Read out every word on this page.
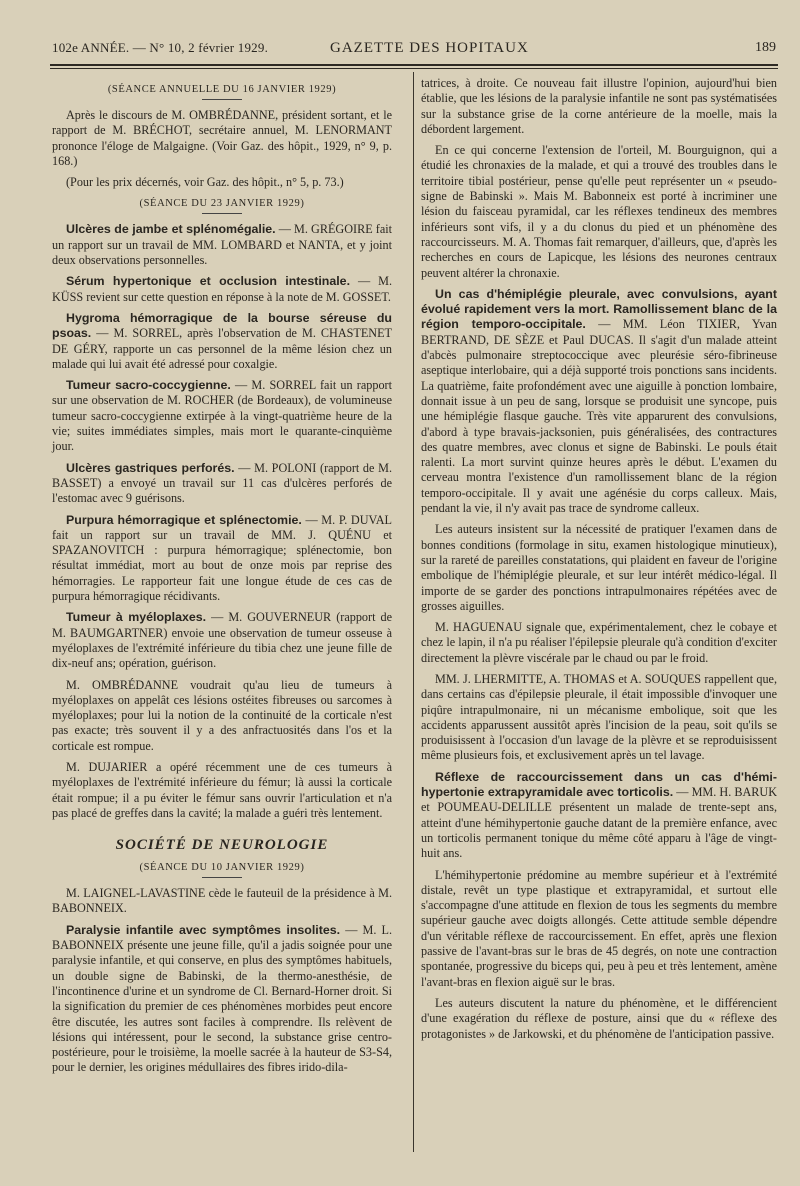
102e ANNÉE. — N° 10, 2 février 1929.	GAZETTE DES HOPITAUX	189
(SÉANCE ANNUELLE DU 16 JANVIER 1929)

Après le discours de M. OMBRÉDANNE, président sortant, et le rapport de M. BRÉCHOT, secrétaire annuel, M. LENORMANT prononce l'éloge de Malgaigne. (Voir Gaz. des hôpit., 1929, n° 9, p. 168.)

(Pour les prix décernés, voir Gaz. des hôpit., n° 5, p. 73.)

(SÉANCE DU 23 JANVIER 1929)

Ulcères de jambe et splénomégalie. — M. GRÉGOIRE fait un rapport sur un travail de MM. LOMBARD et NANTA, et y joint deux observations personnelles.

Sérum hypertonique et occlusion intestinale. — M. KÜSS revient sur cette question en réponse à la note de M. GOSSET.

Hygroma hémorragique de la bourse séreuse du psoas. — M. SORREL, après l'observation de M. CHASTENET DE GÉRY, rapporte un cas personnel de la même lésion chez un malade qui lui avait été adressé pour coxalgie.

Tumeur sacro-coccygienne. — M. SORREL fait un rapport sur une observation de M. ROCHER (de Bordeaux), de volumineuse tumeur sacro-coccygienne extirpée à la vingt-quatrième heure de la vie; suites immédiates simples, mais mort le quarante-cinquième jour.

Ulcères gastriques perforés. — M. POLONI (rapport de M. BASSET) a envoyé un travail sur 11 cas d'ulcères perforés de l'estomac avec 9 guérisons.

Purpura hémorragique et splénectomie. — M. P. DUVAL fait un rapport sur un travail de MM. J. QUÉNU et SPAZANOVITCH : purpura hémorragique; splénectomie, bon résultat immédiat, mort au bout de onze mois par reprise des hémorragies. Le rapporteur fait une longue étude de ces cas de purpura hémorragique récidivants.

Tumeur à myéloplaxes. — M. GOUVERNEUR (rapport de M. BAUMGARTNER) envoie une observation de tumeur osseuse à myéloplaxes de l'extrémité inférieure du tibia chez une jeune fille de dix-neuf ans; opération, guérison.

M. OMBRÉDANNE voudrait qu'au lieu de tumeurs à myéloplaxes on appelât ces lésions ostéites fibreuses ou sarcomes à myéloplaxes; pour lui la notion de la continuité de la corticale n'est pas exacte; très souvent il y a des anfractuosités dans l'os et la corticale est rompue.

M. DUJARIER a opéré récemment une de ces tumeurs à myéloplaxes de l'extrémité inférieure du fémur; là aussi la corticale était rompue; il a pu éviter le fémur sans ouvrir l'articulation et n'a pas placé de greffes dans la cavité; la malade a guéri très lentement.

SOCIÉTÉ DE NEUROLOGIE
(SÉANCE DU 10 JANVIER 1929)

M. LAIGNEL-LAVASTINE cède le fauteuil de la présidence à M. BABONNEIX.

Paralysie infantile avec symptômes insolites. — M. L. BABONNEIX présente une jeune fille, qu'il a jadis soignée pour une paralysie infantile, et qui conserve, en plus des symptômes habituels, un double signe de Babinski, de la thermo-anesthésie, de l'incontinence d'urine et un syndrome de Cl. Bernard-Horner droit. Si la signification du premier de ces phénomènes morbides peut encore être discutée, les autres sont faciles à comprendre. Ils relèvent de lésions qui intéressent, pour le second, la substance grise centro-postérieure, pour le troisième, la moelle sacrée à la hauteur de S3-S4, pour le dernier, les origines médullaires des fibres irido-dila-

tatrices, à droite. Ce nouveau fait illustre l'opinion, aujourd'hui bien établie, que les lésions de la paralysie infantile ne sont pas systématisées sur la substance grise de la corne antérieure de la moelle, mais la débordent largement.

En ce qui concerne l'extension de l'orteil, M. Bourguignon, qui a étudié les chronaxies de la malade, et qui a trouvé des troubles dans le territoire tibial postérieur, pense qu'elle peut représenter un « pseudo-signe de Babinski ». Mais M. Babonneix est porté à incriminer une lésion du faisceau pyramidal, car les réflexes tendineux des membres inférieurs sont vifs, il y a du clonus du pied et un phénomène des raccourcisseurs. M. A. Thomas fait remarquer, d'ailleurs, que, d'après les recherches en cours de Lapicque, les lésions des neurones centraux peuvent altérer la chronaxie.

Un cas d'hémiplégie pleurale, avec convulsions, ayant évolué rapidement vers la mort. Ramollissement blanc de la région temporo-occipitale. — MM. Léon TIXIER, Yvan BERTRAND, DE SÈZE et Paul DUCAS. Il s'agit d'un malade atteint d'abcès pulmonaire streptococcique avec pleurésie séro-fibrineuse aseptique interlobaire, qui a déjà supporté trois ponctions sans incidents. La quatrième, faite profondément avec une aiguille à ponction lombaire, donnait issue à un peu de sang, lorsque se produisit une syncope, puis une hémiplégie flasque gauche. Très vite apparurent des convulsions, d'abord à type bravais-jacksonien, puis généralisées, des contractures des quatre membres, avec clonus et signe de Babinski. Le pouls était ralenti. La mort survint quinze heures après le début. L'examen du cerveau montra l'existence d'un ramollissement blanc de la région temporo-occipitale. Il y avait une agénésie du corps calleux. Mais, pendant la vie, il n'y avait pas trace de syndrome calleux.

Les auteurs insistent sur la nécessité de pratiquer l'examen dans de bonnes conditions (formolage in situ, examen histologique minutieux), sur la rareté de pareilles constatations, qui plaident en faveur de l'origine embolique de l'hémiplégie pleurale, et sur leur intérêt médico-légal. Il importe de se garder des ponctions intrapulmonaires répétées avec de grosses aiguilles.

M. HAGUENAU signale que, expérimentalement, chez le cobaye et chez le lapin, il n'a pu réaliser l'épilepsie pleurale qu'à condition d'exciter directement la plèvre viscérale par le chaud ou par le froid.

MM. J. LHERMITTE, A. THOMAS et A. SOUQUES rappellent que, dans certains cas d'épilepsie pleurale, il était impossible d'invoquer une piqûre intrapulmonaire, ni un mécanisme embolique, soit que les accidents apparussent aussitôt après l'incision de la peau, soit qu'ils se produisissent à l'occasion d'un lavage de la plèvre et se reproduisissent même plusieurs fois, et exclusivement après un tel lavage.

Réflexe de raccourcissement dans un cas d'hémi-hypertonie extrapyramidale avec torticolis. — MM. H. BARUK et POUMEAU-DELILLE présentent un malade de trente-sept ans, atteint d'une hémihypertonie gauche datant de la première enfance, avec un torticolis permanent tonique du même côté apparu à l'âge de vingt-huit ans.

L'hémihypertonie prédomine au membre supérieur et à l'extrémité distale, revêt un type plastique et extrapyramidal, et surtout elle s'accompagne d'une attitude en flexion de tous les segments du membre supérieur gauche avec doigts allongés. Cette attitude semble dépendre d'un véritable réflexe de raccourcissement. En effet, après une flexion passive de l'avant-bras sur le bras de 45 degrés, on note une contraction spontanée, progressive du biceps qui, peu à peu et très lentement, amène l'avant-bras en flexion aiguë sur le bras.

Les auteurs discutent la nature du phénomène, et le différencient d'une exagération du réflexe de posture, ainsi que du « réflexe des protagonistes » de Jarkowski, et du phénomène de l'anticipation passive.
